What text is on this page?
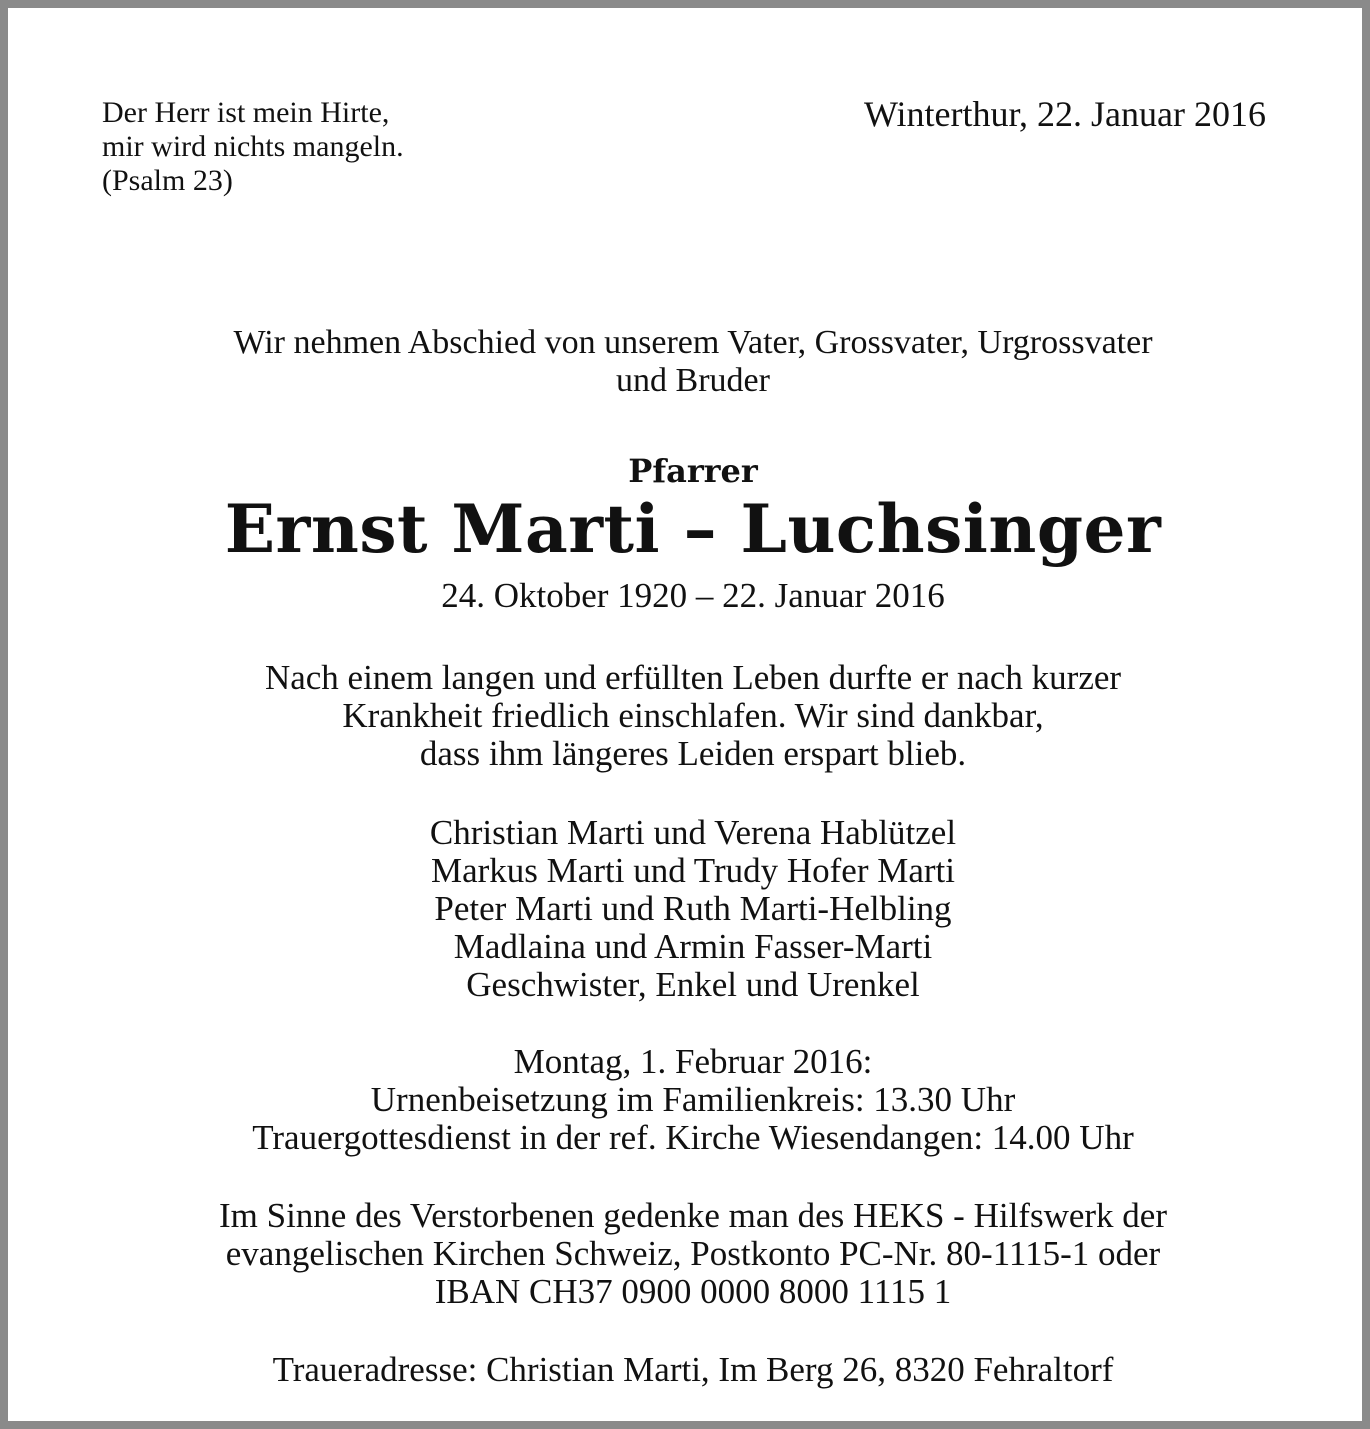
Der Herr ist mein Hirte,
mir wird nichts mangeln.
(Psalm 23)
Winterthur, 22. Januar 2016
Wir nehmen Abschied von unserem Vater, Grossvater, Urgrossvater
und Bruder
Pfarrer
Ernst Marti – Luchsinger
24. Oktober 1920 – 22. Januar 2016
Nach einem langen und erfüllten Leben durfte er nach kurzer
Krankheit friedlich einschlafen. Wir sind dankbar,
dass ihm längeres Leiden erspart blieb.
Christian Marti und Verena Hablützel
Markus Marti und Trudy Hofer Marti
Peter Marti und Ruth Marti-Helbling
Madlaina und Armin Fasser-Marti
Geschwister, Enkel und Urenkel
Montag, 1. Februar 2016:
Urnenbeisetzung im Familienkreis: 13.30 Uhr
Trauergottesdienst in der ref. Kirche Wiesendangen: 14.00 Uhr
Im Sinne des Verstorbenen gedenke man des HEKS - Hilfswerk der
evangelischen Kirchen Schweiz, Postkonto PC-Nr. 80-1115-1 oder
IBAN CH37 0900 0000 8000 1115 1
Traueradresse: Christian Marti, Im Berg 26, 8320 Fehraltorf
